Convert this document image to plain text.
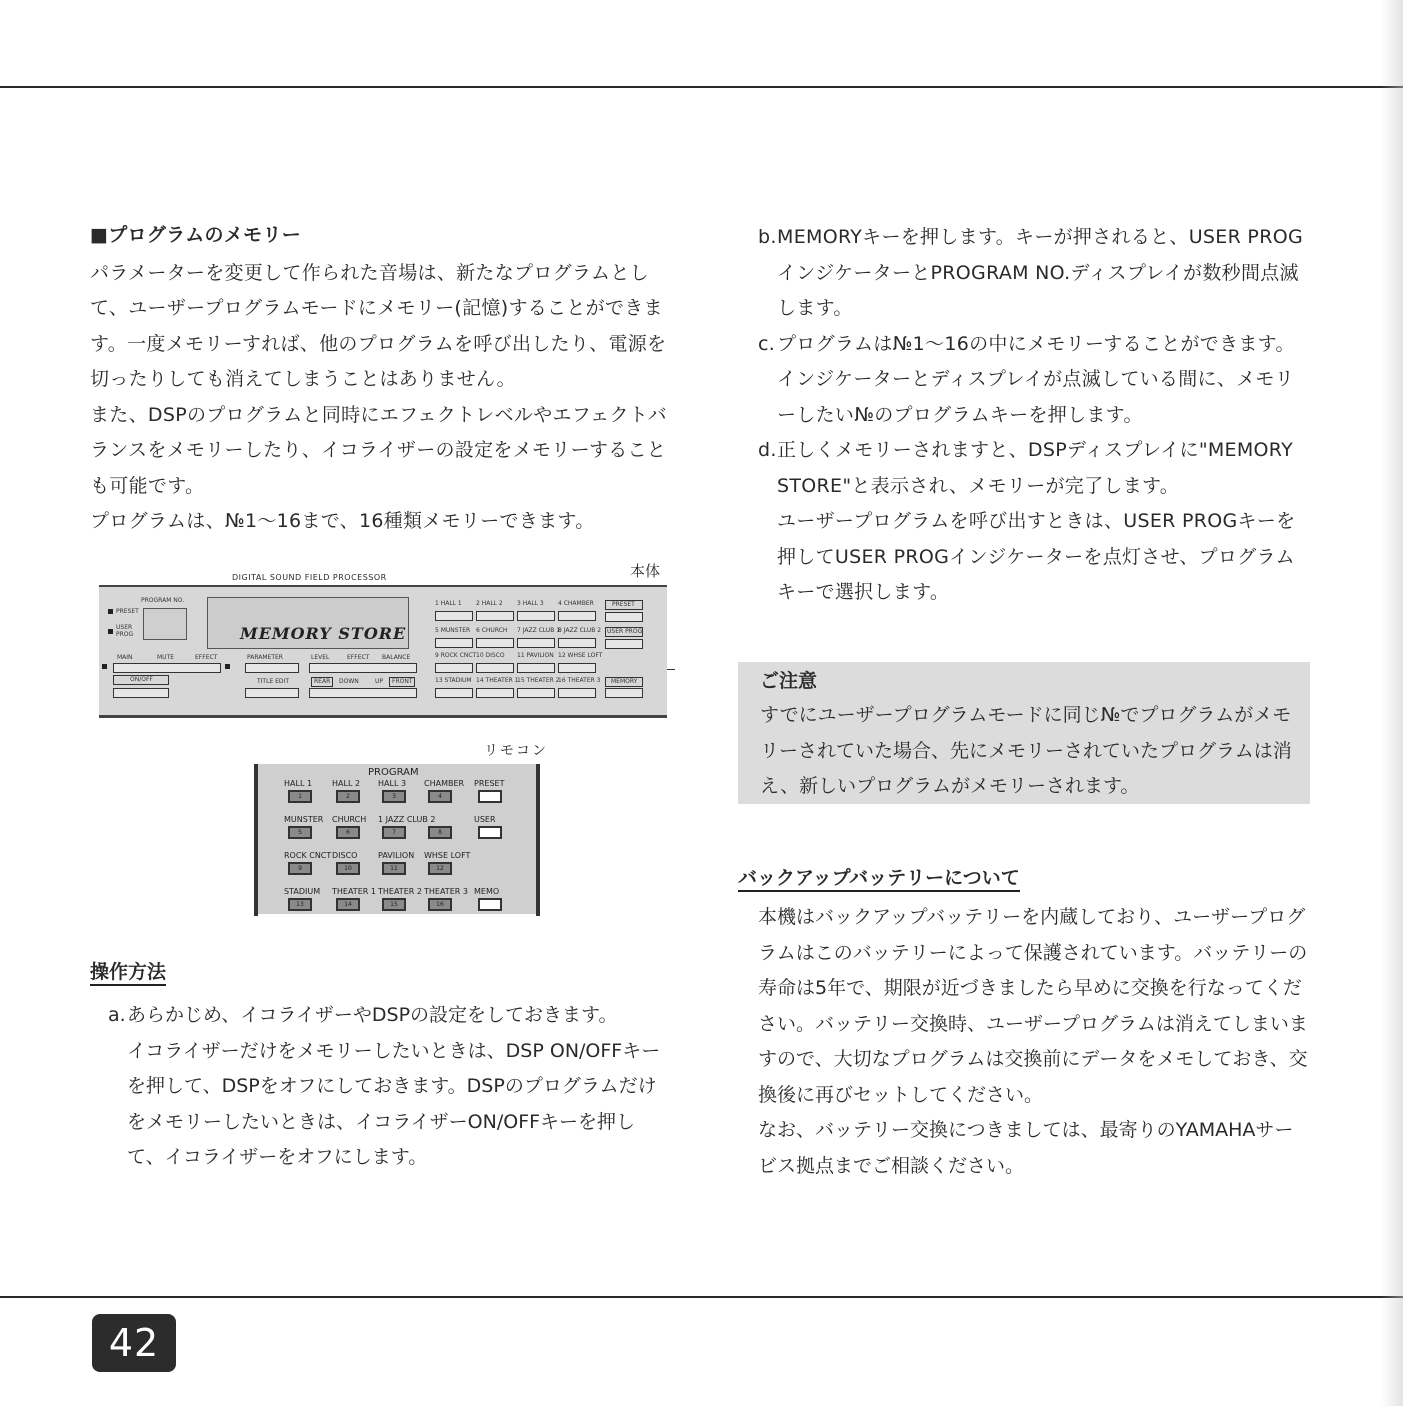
■プログラムのメモリー

パラメーターを変更して作られた音場は、新たなプログラムとして、ユーザープログラムモードにメモリー(記憶)することができます。一度メモリーすれば、他のプログラムを呼び出したり、電源を切ったりしても消えてしまうことはありません。

また、DSPのプログラムと同時にエフェクトレベルやエフェクトバランスをメモリーしたり、イコライザーの設定をメモリーすることも可能です。

プログラムは、№1〜16まで、16種類メモリーできます。

本体
DIGITAL SOUND FIELD PROCESSOR
PROGRAM NO.
PRESET
USER PROG	MEMORY STORE
MAIN	MUTE	EFFECT
ON/OFF
PARAMETER
TITLE EDIT
LEVEL	EFFECT BALANCE
REAR DOWN	UP FRONT
1 HALL 1 2 HALL 2 3 HALL 3 4 CHAMBER
5 MUNSTER 6 CHURCH 7 JAZZ CLUB 1
8 JAZZ CLUB 2
9 ROCK CNCT 10 DISCO 11 PAVILION 12 WHSE LOFT
13 STADIUM 14 THEATER 1
15 THEATER 2
16 THEATER 3
PRESET
USER PROG
MEMORY
リモコン
PROGRAM
HALL 1
1
HALL 2
2
HALL 3
3
CHAMBER
4
PRESET
MUNSTER
5
CHURCH
6
1 JAZZ CLUB 2
7	8
USER
ROCK CNCT
9
DISCO
10
PAVILION
11
WHSE LOFT
12
STADIUM
13
THEATER 1
14
THEATER 2
15
THEATER 3
16
MEMO
操作方法
a. あらかじめ、イコライザーやDSPの設定をしておきます。
イコライザーだけをメモリーしたいときは、DSP ON/OFFキーを押して、DSPをオフにしておきます。DSPのプログラムだけをメモリーしたいときは、イコライザーON/OFFキーを押して、イコライザーをオフにします。
b. MEMORYキーを押します。キーが押されると、USER PROGインジケーターとPROGRAM NO.ディスプレイが数秒間点滅します。
c. プログラムは№1〜16の中にメモリーすることができます。インジケーターとディスプレイが点滅している間に、メモリーしたい№のプログラムキーを押します。
d. 正しくメモリーされますと、DSPディスプレイに"MEMORY STORE"と表示され、メモリーが完了します。
ユーザープログラムを呼び出すときは、USER PROGキーを押してUSER PROGインジケーターを点灯させ、プログラムキーで選択します。
ご注意
すでにユーザープログラムモードに同じ№でプログラムがメモリーされていた場合、先にメモリーされていたプログラムは消え、新しいプログラムがメモリーされます。
バックアップバッテリーについて

本機はバックアップバッテリーを内蔵しており、ユーザープログラムはこのバッテリーによって保護されています。バッテリーの寿命は5年で、期限が近づきましたら早めに交換を行なってください。バッテリー交換時、ユーザープログラムは消えてしまいますので、大切なプログラムは交換前にデータをメモしておき、交換後に再びセットしてください。

なお、バッテリー交換につきましては、最寄りのYAMAHAサービス拠点までご相談ください。

42
